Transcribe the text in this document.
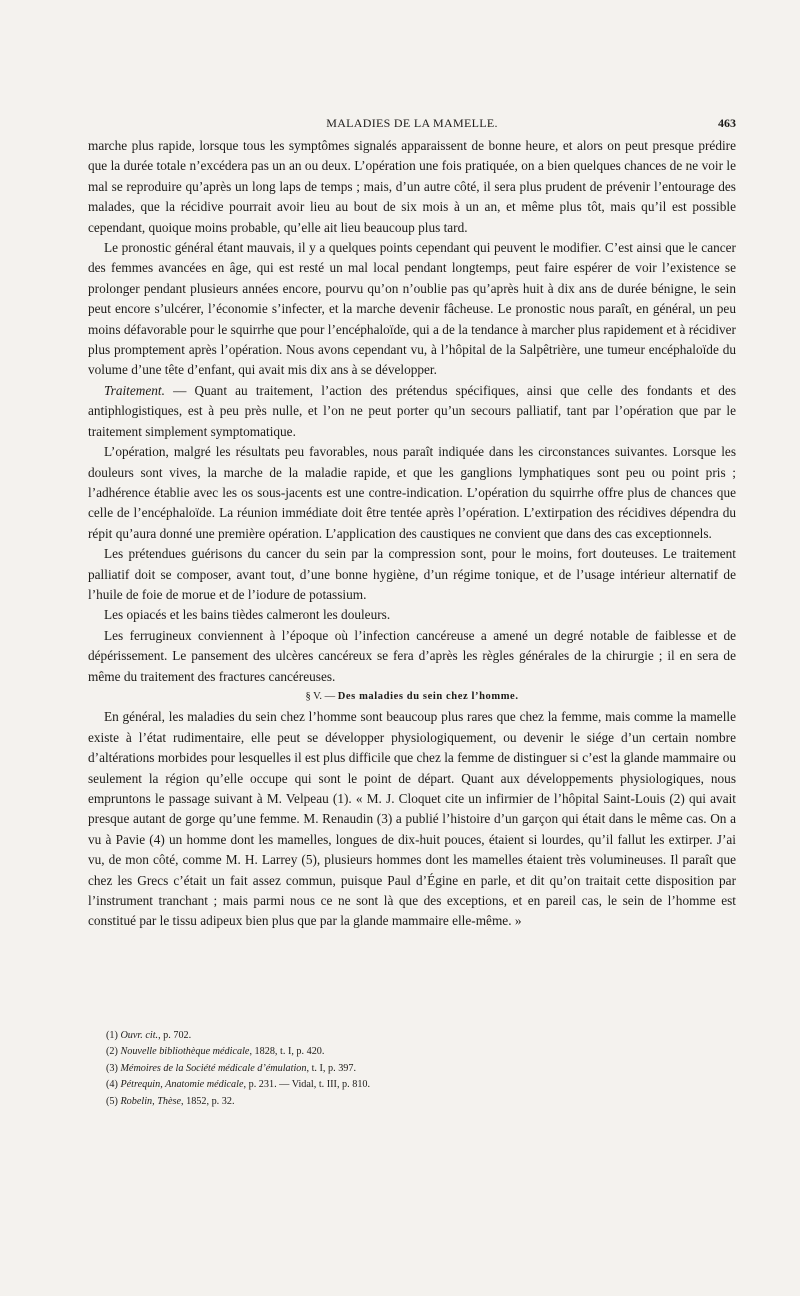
MALADIES DE LA MAMELLE.	463

marche plus rapide, lorsque tous les symptômes signalés apparaissent de bonne heure, et alors on peut presque prédire que la durée totale n’excédera pas un an ou deux. L’opération une fois pratiquée, on a bien quelques chances de ne voir le mal se reproduire qu’après un long laps de temps ; mais, d’un autre côté, il sera plus prudent de prévenir l’entourage des malades, que la récidive pourrait avoir lieu au bout de six mois à un an, et même plus tôt, mais qu’il est possible cependant, quoique moins probable, qu’elle ait lieu beaucoup plus tard.

Le pronostic général étant mauvais, il y a quelques points cependant qui peuvent le modifier. C’est ainsi que le cancer des femmes avancées en âge, qui est resté un mal local pendant longtemps, peut faire espérer de voir l’existence se prolonger pendant plusieurs années encore, pourvu qu’on n’oublie pas qu’après huit à dix ans de durée bénigne, le sein peut encore s’ulcérer, l’économie s’infecter, et la marche devenir fâcheuse. Le pronostic nous paraît, en général, un peu moins défavorable pour le squirrhe que pour l’encéphaloïde, qui a de la tendance à marcher plus rapidement et à récidiver plus promptement après l’opération. Nous avons cependant vu, à l’hôpital de la Salpêtrière, une tumeur encéphaloïde du volume d’une tête d’enfant, qui avait mis dix ans à se développer.

Traitement. — Quant au traitement, l’action des prétendus spécifiques, ainsi que celle des fondants et des antiphlogistiques, est à peu près nulle, et l’on ne peut porter qu’un secours palliatif, tant par l’opération que par le traitement simplement symptomatique.

L’opération, malgré les résultats peu favorables, nous paraît indiquée dans les circonstances suivantes. Lorsque les douleurs sont vives, la marche de la maladie rapide, et que les ganglions lymphatiques sont peu ou point pris ; l’adhérence établie avec les os sous-jacents est une contre-indication. L’opération du squirrhe offre plus de chances que celle de l’encéphaloïde. La réunion immédiate doit être tentée après l’opération. L’extirpation des récidives dépendra du répit qu’aura donné une première opération. L’application des caustiques ne convient que dans des cas exceptionnels.

Les prétendues guérisons du cancer du sein par la compression sont, pour le moins, fort douteuses. Le traitement palliatif doit se composer, avant tout, d’une bonne hygiène, d’un régime tonique, et de l’usage intérieur alternatif de l’huile de foie de morue et de l’iodure de potassium.

Les opiacés et les bains tièdes calmeront les douleurs.

Les ferrugineux conviennent à l’époque où l’infection cancéreuse a amené un degré notable de faiblesse et de dépérissement. Le pansement des ulcères cancéreux se fera d’après les règles générales de la chirurgie ; il en sera de même du traitement des fractures cancéreuses.

§ V. — Des maladies du sein chez l’homme.

En général, les maladies du sein chez l’homme sont beaucoup plus rares que chez la femme, mais comme la mamelle existe à l’état rudimentaire, elle peut se développer physiologiquement, ou devenir le siége d’un certain nombre d’altérations morbides pour lesquelles il est plus difficile que chez la femme de distinguer si c’est la glande mammaire ou seulement la région qu’elle occupe qui sont le point de départ. Quant aux développements physiologiques, nous empruntons le passage suivant à M. Velpeau (1). « M. J. Cloquet cite un infirmier de l’hôpital Saint-Louis (2) qui avait presque autant de gorge qu’une femme. M. Renaudin (3) a publié l’histoire d’un garçon qui était dans le même cas. On a vu à Pavie (4) un homme dont les mamelles, longues de dix-huit pouces, étaient si lourdes, qu’il fallut les extirper. J’ai vu, de mon côté, comme M. H. Larrey (5), plusieurs hommes dont les mamelles étaient très volumineuses. Il paraît que chez les Grecs c’était un fait assez commun, puisque Paul d’Égine en parle, et dit qu’on traitait cette disposition par l’instrument tranchant ; mais parmi nous ce ne sont là que des exceptions, et en pareil cas, le sein de l’homme est constitué par le tissu adipeux bien plus que par la glande mammaire elle-même. »

(1) Ouvr. cit., p. 702.
(2) Nouvelle bibliothèque médicale, 1828, t. I, p. 420.
(3) Mémoires de la Société médicale d’émulation, t. I, p. 397.
(4) Pétrequin, Anatomie médicale, p. 231. — Vidal, t. III, p. 810.
(5) Robelin, Thèse, 1852, p. 32.
